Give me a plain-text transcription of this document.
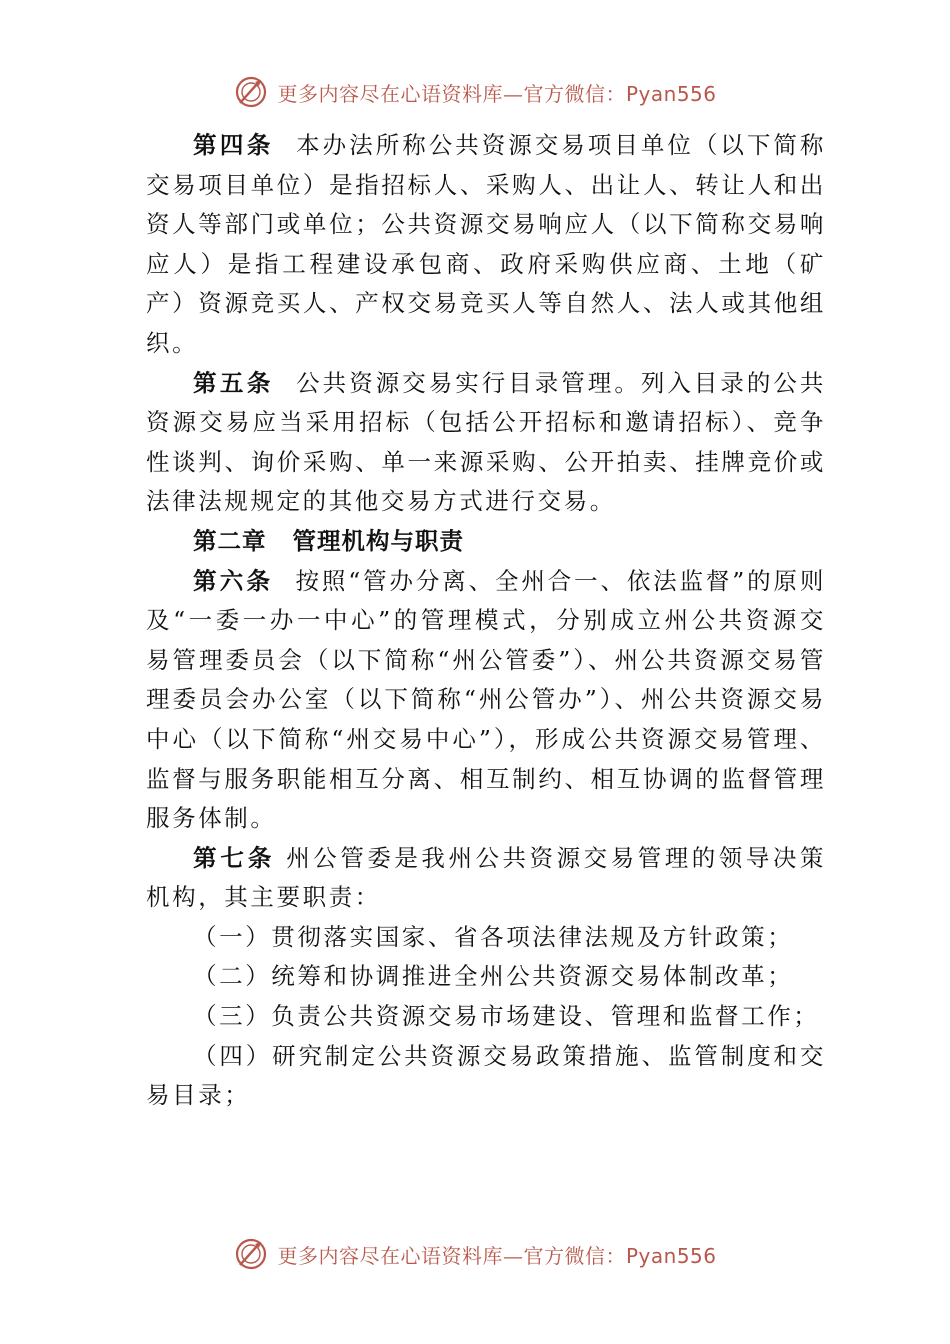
更多内容尽在心语资料库—官方微信：Pyan556

第四条 本办法所称公共资源交易项目单位（以下简称交易项目单位）是指招标人、采购人、出让人、转让人和出资人等部门或单位；公共资源交易响应人（以下简称交易响应人）是指工程建设承包商、政府采购供应商、土地（矿产）资源竞买人、产权交易竞买人等自然人、法人或其他组织。

第五条 公共资源交易实行目录管理。列入目录的公共资源交易应当采用招标（包括公开招标和邀请招标）、竞争性谈判、询价采购、单一来源采购、公开拍卖、挂牌竞价或法律法规规定的其他交易方式进行交易。

第二章 管理机构与职责

第六条 按照“管办分离、全州合一、依法监督”的原则及“一委一办一中心”的管理模式，分别成立州公共资源交易管理委员会（以下简称“州公管委”）、州公共资源交易管理委员会办公室（以下简称“州公管办”）、州公共资源交易中心（以下简称“州交易中心”），形成公共资源交易管理、监督与服务职能相互分离、相互制约、相互协调的监督管理服务体制。

第七条 州公管委是我州公共资源交易管理的领导决策机构，其主要职责：

（一）贯彻落实国家、省各项法律法规及方针政策；

（二）统筹和协调推进全州公共资源交易体制改革；

（三）负责公共资源交易市场建设、管理和监督工作；

（四）研究制定公共资源交易政策措施、监管制度和交易目录；

更多内容尽在心语资料库—官方微信：Pyan556
